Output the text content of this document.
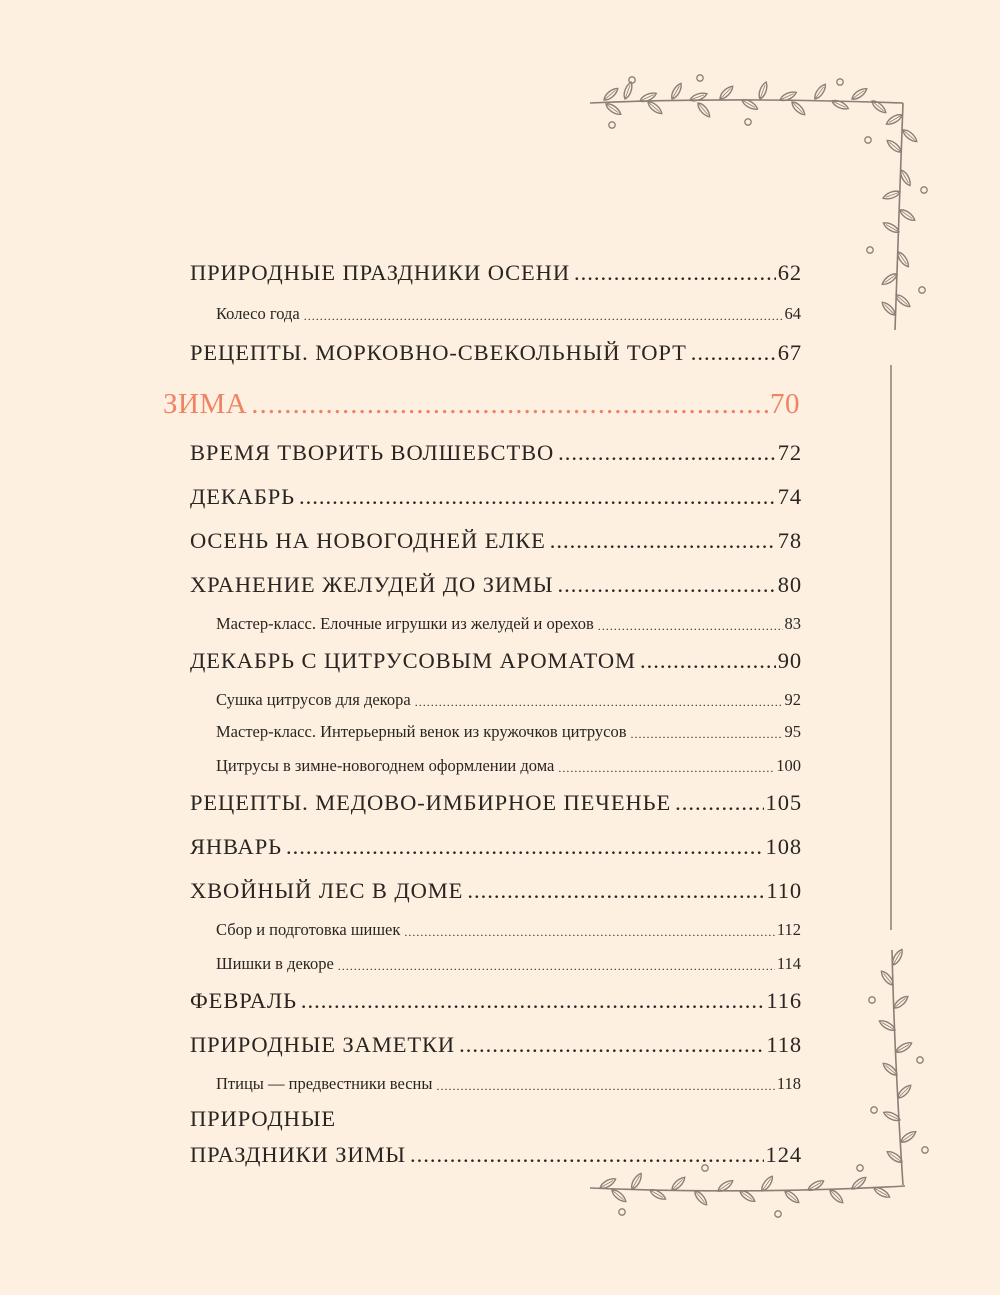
ПРИРОДНЫЕ ПРАЗДНИКИ ОСЕНИ .....	62
Колесо года .....	64
РЕЦЕПТЫ. МОРКОВНО-СВЕКОЛЬНЫЙ ТОРТ .....	67
ЗИМА .....	70
ВРЕМЯ ТВОРИТЬ ВОЛШЕБСТВО .....	72
ДЕКАБРЬ .....	74
ОСЕНЬ НА НОВОГОДНЕЙ ЕЛКЕ .....	78
ХРАНЕНИЕ ЖЕЛУДЕЙ ДО ЗИМЫ .....	80
Мастер-класс. Елочные игрушки из желудей и орехов .....	83
ДЕКАБРЬ С ЦИТРУСОВЫМ АРОМАТОМ .....	90
Сушка цитрусов для декора .....	92
Мастер-класс. Интерьерный венок из кружочков цитрусов .....	95
Цитрусы в зимне-новогоднем оформлении дома .....	100
РЕЦЕПТЫ. МЕДОВО-ИМБИРНОЕ ПЕЧЕНЬЕ .....	105
ЯНВАРЬ .....	108
ХВОЙНЫЙ ЛЕС В ДОМЕ .....	110
Сбор и подготовка шишек .....	112
Шишки в декоре .....	114
ФЕВРАЛЬ .....	116
ПРИРОДНЫЕ ЗАМЕТКИ .....	118
Птицы — предвестники весны .....	118
ПРИРОДНЫЕ
ПРАЗДНИКИ ЗИМЫ .....	124
